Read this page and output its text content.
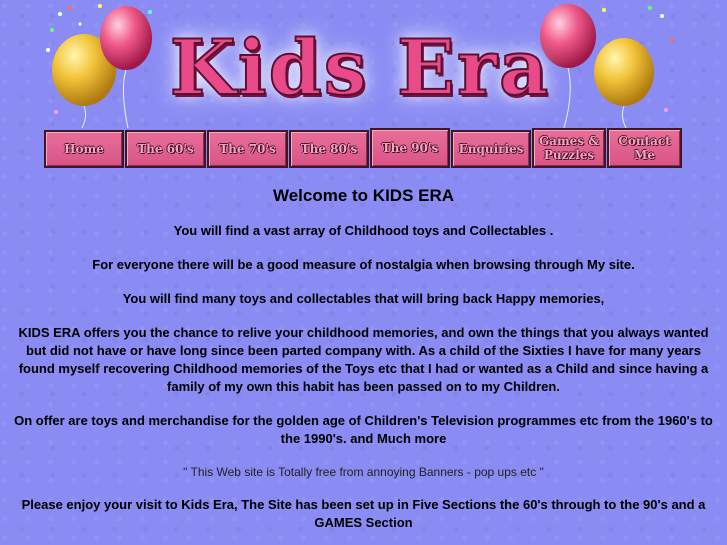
Kids Era
Home	The 60's The 70's The 80's The 90's Enquiries
Games & Puzzles
Contact Me
Welcome to KIDS ERA
You will find a vast array of Childhood toys and Collectables .
For everyone there will be a good measure of nostalgia when browsing through My site.
You will find many toys and collectables that will bring back Happy memories,
KIDS ERA offers you the chance to relive your childhood memories, and own the things that you always wanted but did not have or have long since been parted company with. As a child of the Sixties I have for many years found myself recovering Childhood memories of the Toys etc that I had or wanted as a Child and since having a family of my own this habit has been passed on to my Children.
On offer are toys and merchandise for the golden age of Children's Television programmes etc from the 1960's to the 1990's. and Much more
" This Web site is Totally free from annoying Banners - pop ups etc "
Please enjoy your visit to Kids Era, The Site has been set up in Five Sections the 60's through to the 90's and a GAMES Section
